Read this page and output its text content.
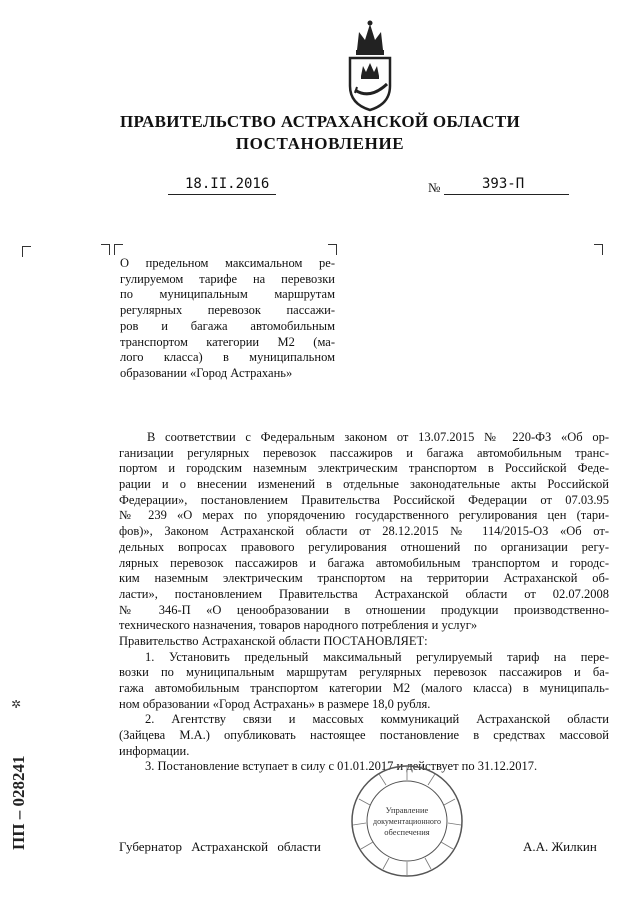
ПРАВИТЕЛЬСТВО АСТРАХАНСКОЙ ОБЛАСТИ
ПОСТАНОВЛЕНИЕ
18.II.2016	№	393-П
О предельном максимальном ре-
гулируемом тарифе на перевозки
по муниципальным маршрутам
регулярных перевозок пассажи-
ров и багажа автомобильным
транспортом категории М2 (ма-
лого класса) в муниципальном
образовании «Город Астрахань»
В соответствии с Федеральным законом от 13.07.2015 № 220-ФЗ «Об ор-
ганизации регулярных перевозок пассажиров и багажа автомобильным транс-
портом и городским наземным электрическим транспортом в Российской Феде-
рации и о внесении изменений в отдельные законодательные акты Российской
Федерации», постановлением Правительства Российской Федерации от 07.03.95
№ 239 «О мерах по упорядочению государственного регулирования цен (тари-
фов)», Законом Астраханской области от 28.12.2015 № 114/2015-ОЗ «Об от-
дельных вопросах правового регулирования отношений по организации регу-
лярных перевозок пассажиров и багажа автомобильным транспортом и городс-
ким наземным электрическим транспортом на территории Астраханской об-
ласти», постановлением Правительства Астраханской области от 02.07.2008
№ 346-П «О ценообразовании в отношении продукции производственно-
технического назначения, товаров народного потребления и услуг»
Правительство Астраханской области ПОСТАНОВЛЯЕТ:
1. Установить предельный максимальный регулируемый тариф на пере-
возки по муниципальным маршрутам регулярных перевозок пассажиров и ба-
гажа автомобильным транспортом категории М2 (малого класса) в муниципаль-
ном образовании «Город Астрахань» в размере 18,0 рубля.
2. Агентству связи и массовых коммуникаций Астраханской области
(Зайцева М.А.) опубликовать настоящее постановление в средствах массовой
информации.
3. Постановление вступает в силу с 01.01.2017 и действует по 31.12.2017.
Управление
документационного
обеспечения
Губернатор Астраханской области	А.А. Жилкин
ПП – 028241
✲
